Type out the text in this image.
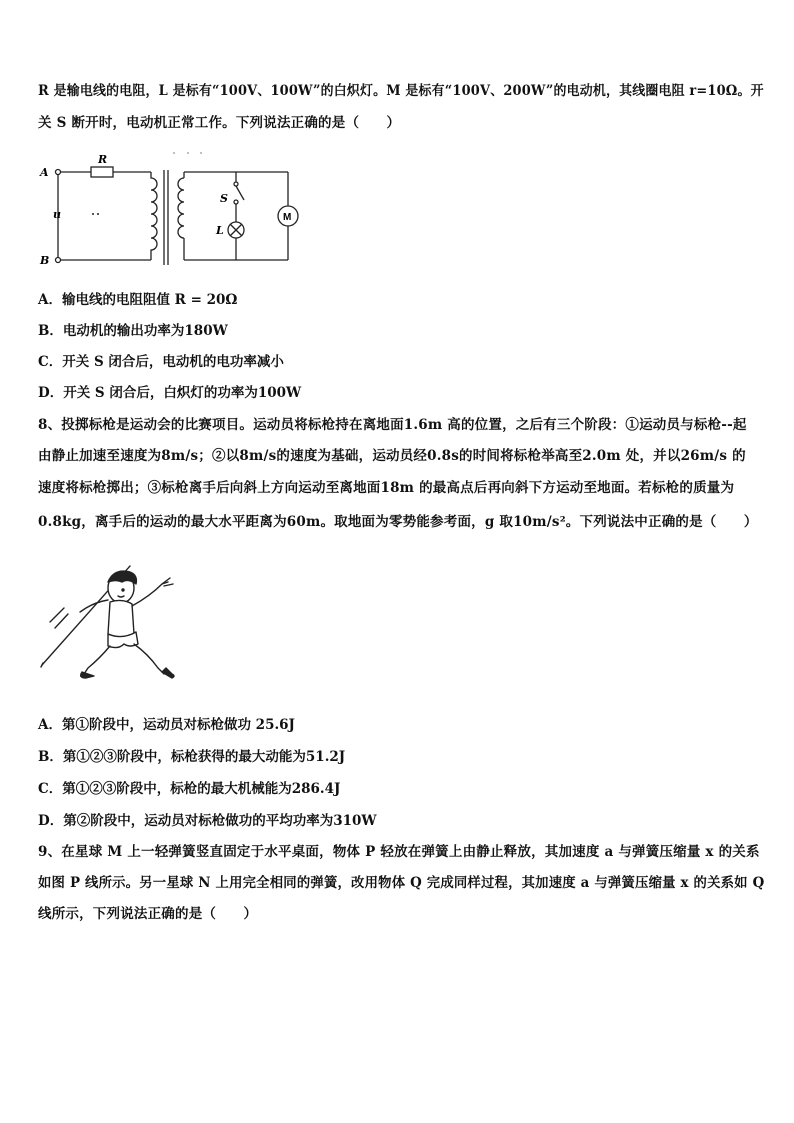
R 是输电线的电阻，L 是标有“100V、100W”的白炽灯。M 是标有“100V、200W”的电动机，其线圈电阻 r=10Ω。开
关 S 断开时，电动机正常工作。下列说法正确的是（　　）
A
B
u
R
S
L
M
A．输电线的电阻阻值 R = 20Ω
B．电动机的输出功率为180W
C．开关 S 闭合后，电动机的电功率减小
D．开关 S 闭合后，白炽灯的功率为100W
8、投掷标枪是运动会的比赛项目。运动员将标枪持在离地面1.6m 高的位置，之后有三个阶段：①运动员与标枪--起
由静止加速至速度为8m/s；②以8m/s的速度为基础，运动员经0.8s的时间将标枪举高至2.0m 处，并以26m/s 的
速度将标枪掷出；③标枪离手后向斜上方向运动至离地面18m 的最高点后再向斜下方运动至地面。若标枪的质量为
0.8kg，离手后的运动的最大水平距离为60m。取地面为零势能参考面，g 取10m/s²。下列说法中正确的是（　　）
A．第①阶段中，运动员对标枪做功 25.6J
B．第①②③阶段中，标枪获得的最大动能为51.2J
C．第①②③阶段中，标枪的最大机械能为286.4J
D．第②阶段中，运动员对标枪做功的平均功率为310W
9、在星球 M 上一轻弹簧竖直固定于水平桌面，物体 P 轻放在弹簧上由静止释放，其加速度 a 与弹簧压缩量 x 的关系
如图 P 线所示。另一星球 N 上用完全相同的弹簧，改用物体 Q 完成同样过程，其加速度 a 与弹簧压缩量 x 的关系如 Q
线所示，下列说法正确的是（　　）
